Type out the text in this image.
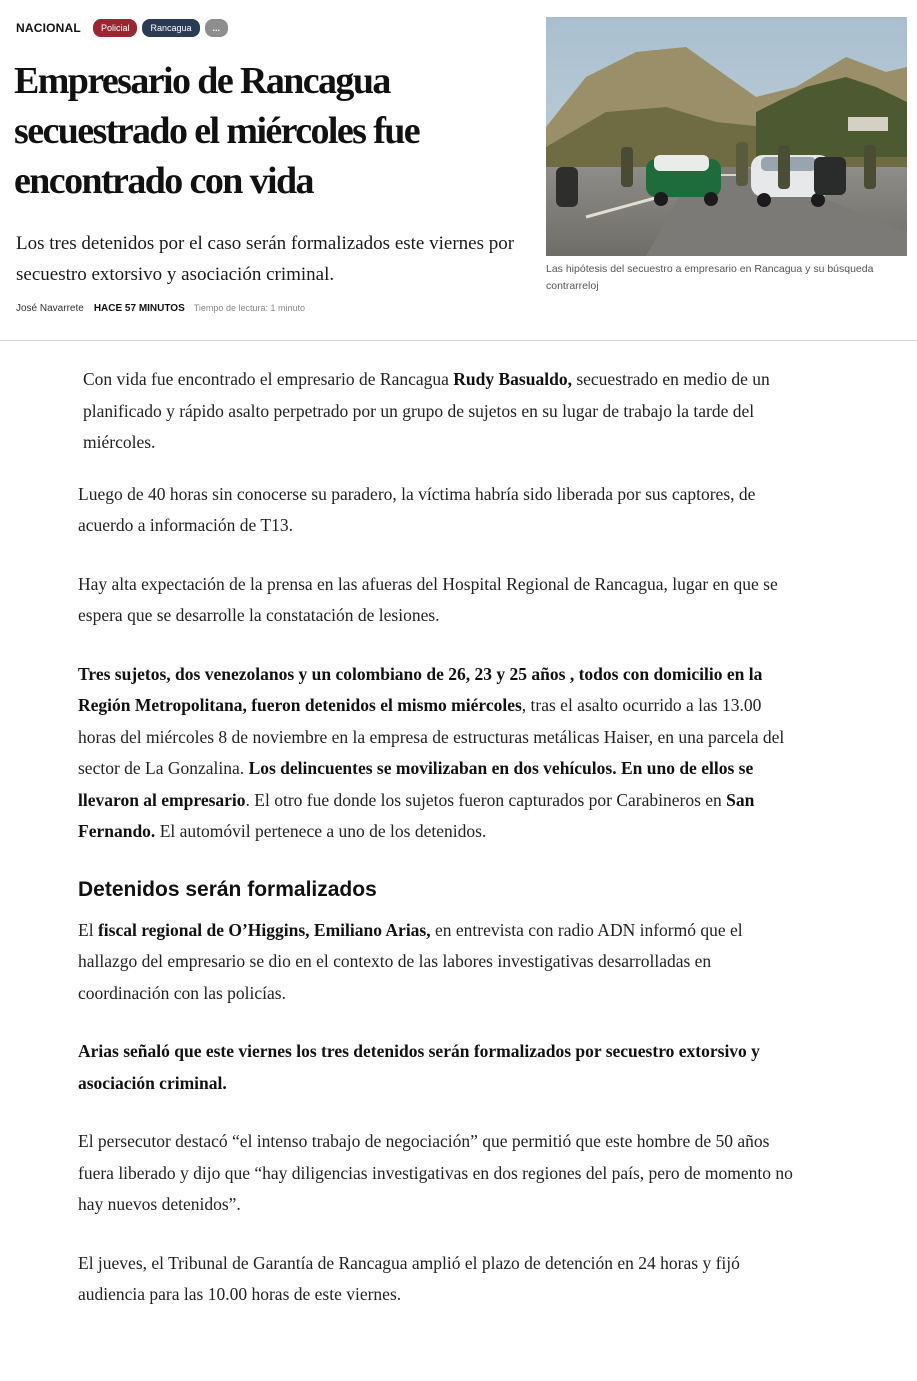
NACIONAL	Policial	Rancagua	...
Empresario de Rancagua secuestrado el miércoles fue encontrado con vida

Los tres detenidos por el caso serán formalizados este viernes por secuestro extorsivo y asociación criminal.

José Navarrete HACE 57 MINUTOS Tiempo de lectura: 1 minuto

Las hipótesis del secuestro a empresario en Rancagua y su búsqueda contrarreloj

Con vida fue encontrado el empresario de Rancagua Rudy Basualdo, secuestrado en medio de un planificado y rápido asalto perpetrado por un grupo de sujetos en su lugar de trabajo la tarde del miércoles.

Luego de 40 horas sin conocerse su paradero, la víctima habría sido liberada por sus captores, de acuerdo a información de T13.

Hay alta expectación de la prensa en las afueras del Hospital Regional de Rancagua, lugar en que se espera que se desarrolle la constatación de lesiones.

Tres sujetos, dos venezolanos y un colombiano de 26, 23 y 25 años , todos con domicilio en la Región Metropolitana, fueron detenidos el mismo miércoles, tras el asalto ocurrido a las 13.00 horas del miércoles 8 de noviembre en la empresa de estructuras metálicas Haiser, en una parcela del sector de La Gonzalina. Los delincuentes se movilizaban en dos vehículos. En uno de ellos se llevaron al empresario. El otro fue donde los sujetos fueron capturados por Carabineros en San Fernando. El automóvil pertenece a uno de los detenidos.

Detenidos serán formalizados

El fiscal regional de O’Higgins, Emiliano Arias, en entrevista con radio ADN informó que el hallazgo del empresario se dio en el contexto de las labores investigativas desarrolladas en coordinación con las policías.

Arias señaló que este viernes los tres detenidos serán formalizados por secuestro extorsivo y asociación criminal.

El persecutor destacó “el intenso trabajo de negociación” que permitió que este hombre de 50 años fuera liberado y dijo que “hay diligencias investigativas en dos regiones del país, pero de momento no hay nuevos detenidos”.

El jueves, el Tribunal de Garantía de Rancagua amplió el plazo de detención en 24 horas y fijó audiencia para las 10.00 horas de este viernes.
